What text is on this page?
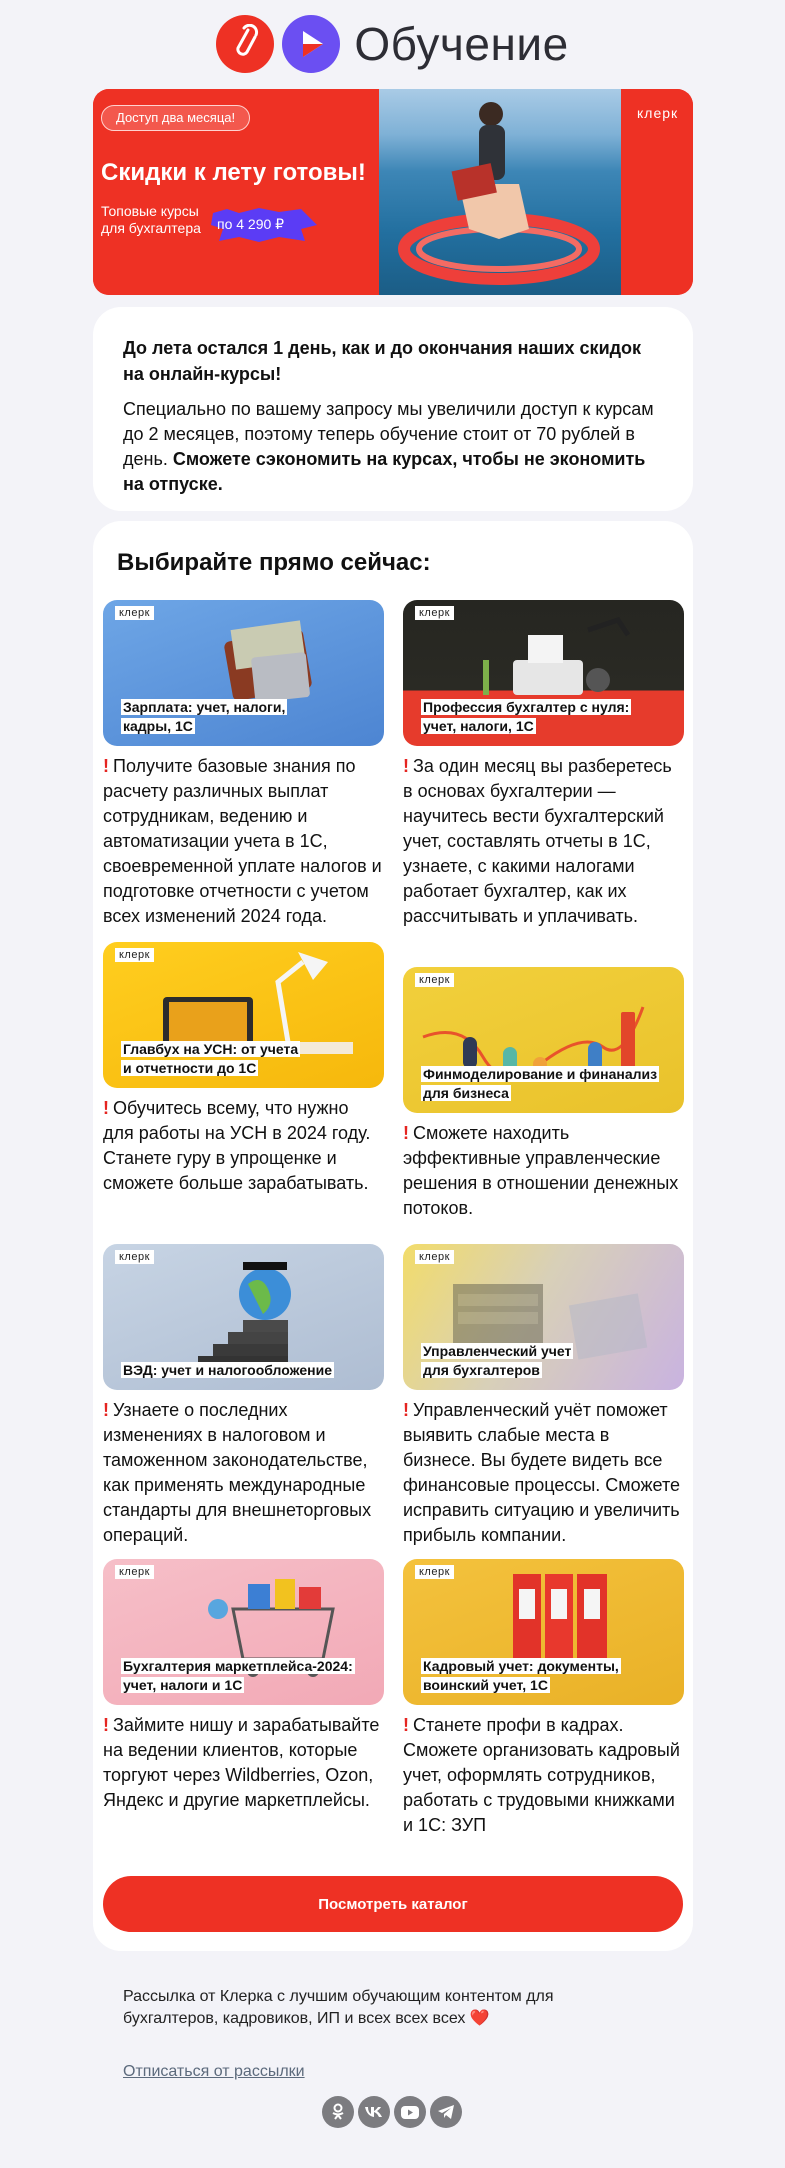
Обучение
Доступ два месяца!
Скидки к лету готовы!
Топовые курсы
для бухгалтера	по 4 290 ₽
клерк
До лета остался 1 день, как и до окончания наших скидок на онлайн-курсы!
Специально по вашему запросу мы увеличили доступ к курсам до 2 месяцев, поэтому теперь обучение стоит от 70 рублей в день. Сможете сэкономить на курсах, чтобы не экономить на отпуске.
Выбирайте прямо сейчас:
клерк
Зарплата: учет, налоги,
кадры, 1С
! Получите базовые знания по расчету различных выплат сотрудникам, ведению и автоматизации учета в 1С, своевременной уплате налогов и подготовке отчетности с учетом всех изменений 2024 года.
клерк
Профессия бухгалтер с нуля:
учет, налоги, 1С
! За один месяц вы разберетесь в основах бухгалтерии — научитесь вести бухгалтерский учет, составлять отчеты в 1С, узнаете, с какими налогами работает бухгалтер, как их рассчитывать и уплачивать.
клерк
Главбух на УСН: от учета
и отчетности до 1С
! Обучитесь всему, что нужно для работы на УСН в 2024 году. Станете гуру в упрощенке и сможете больше зарабатывать.
клерк
Финмоделирование и финанализ
для бизнеса
! Сможете находить эффективные управленческие решения в отношении денежных потоков.
клерк
ВЭД: учет и налогообложение
! Узнаете о последних изменениях в налоговом и таможенном законодательстве, как применять международные стандарты для внешнеторговых операций.
клерк
Управленческий учет
для бухгалтеров
! Управленческий учёт поможет выявить слабые места в бизнесе. Вы будете видеть все финансовые процессы. Сможете исправить ситуацию и увеличить прибыль компании.
клерк
Бухгалтерия маркетплейса-2024:
учет, налоги и 1С
! Займите нишу и зарабатывайте на ведении клиентов, которые торгуют через Wildberries, Ozon, Яндекс и другие маркетплейсы.
клерк
Кадровый учет: документы,
воинский учет, 1С
! Станете профи в кадрах. Сможете организовать кадровый учет, оформлять сотрудников, работать с трудовыми книжками и 1С: ЗУП
Посмотреть каталог
Рассылка от Клерка с лучшим обучающим контентом для бухгалтеров, кадровиков, ИП и всех всех всех ❤️
Отписаться от рассылки
